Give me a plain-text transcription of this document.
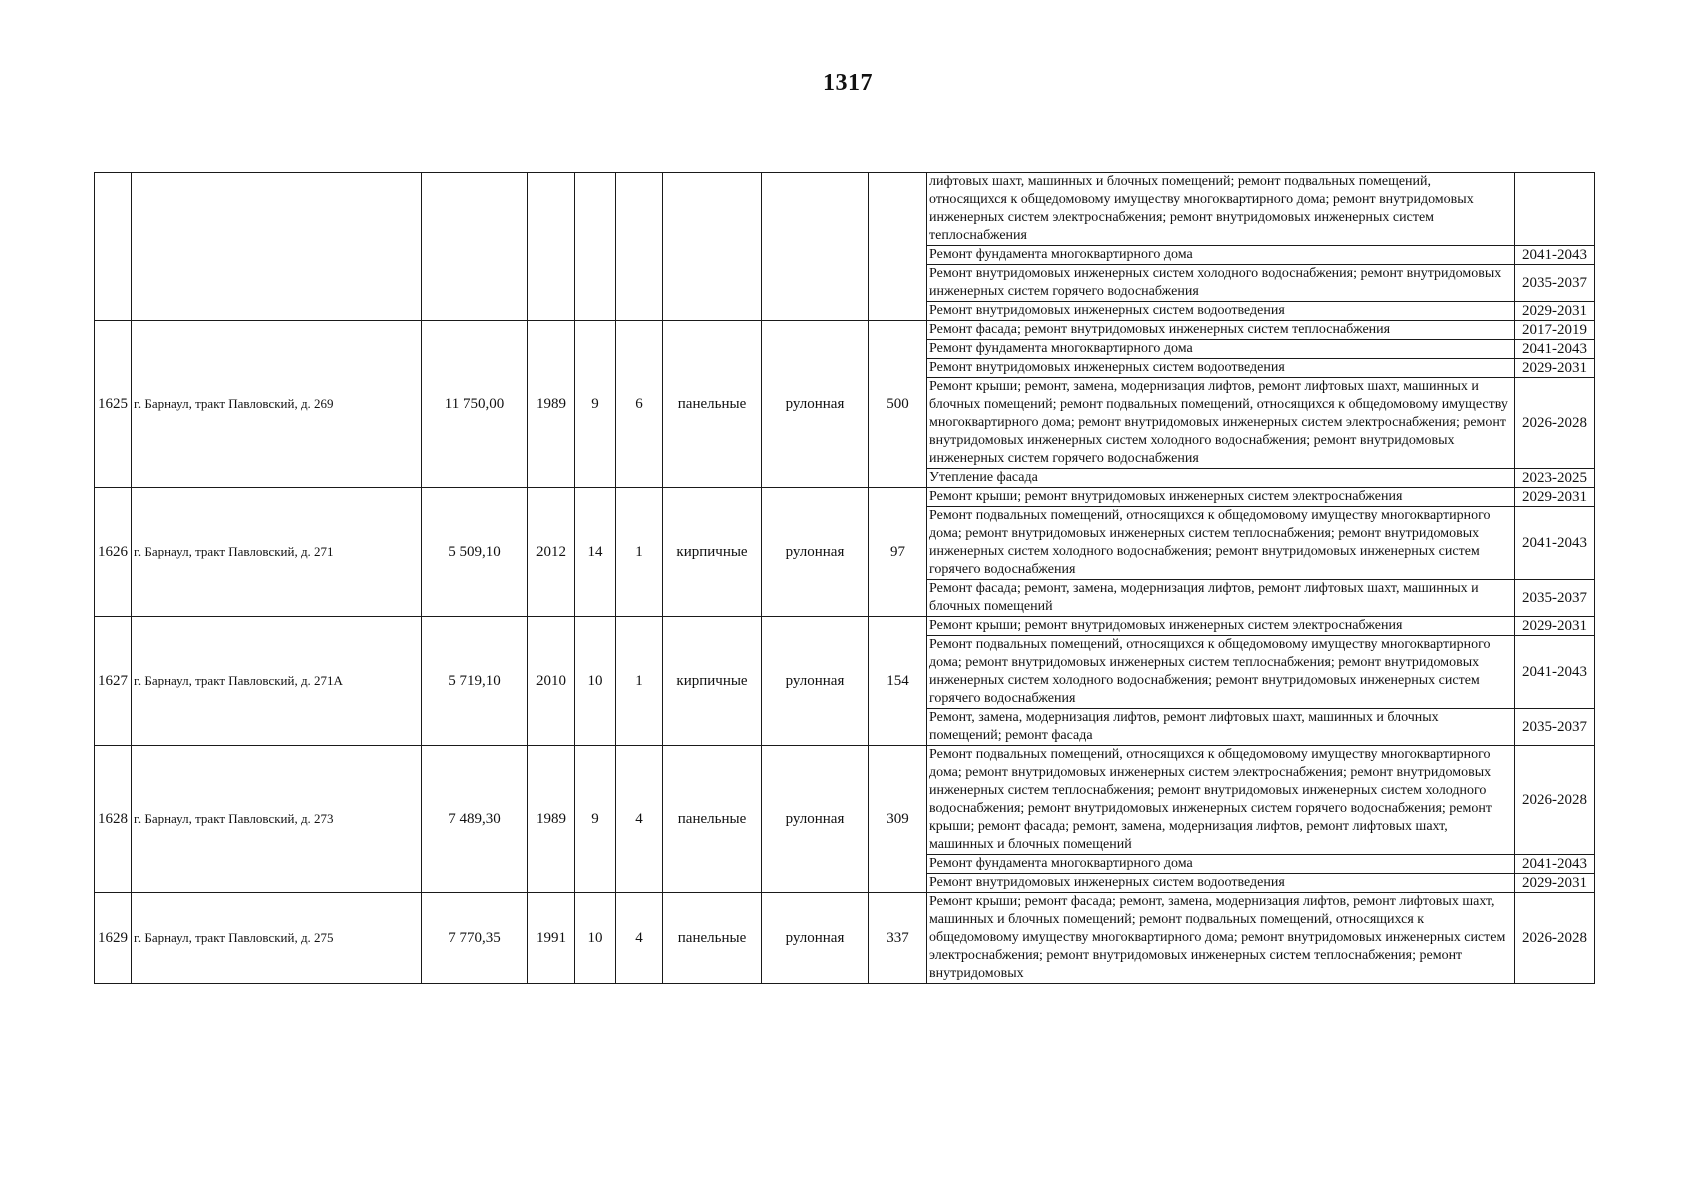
1317
									лифтовых шахт, машинных и блочных помещений; ремонт подвальных помещений, относящихся к общедомовому имуществу многоквартирного дома; ремонт внутридомовых инженерных систем электроснабжения; ремонт внутридомовых инженерных систем теплоснабжения	
									Ремонт фундамента многоквартирного дома	2041-2043
									Ремонт внутридомовых инженерных систем холодного водоснабжения; ремонт внутридомовых инженерных систем горячего водоснабжения	2035-2037
									Ремонт внутридомовых инженерных систем водоотведения	2029-2031
1625	г. Барнаул, тракт Павловский, д. 269	11 750,00	1989	9	6	панельные	рулонная	500	Ремонт фасада; ремонт внутридомовых инженерных систем теплоснабжения	2017-2019
									Ремонт фундамента многоквартирного дома	2041-2043
									Ремонт внутридомовых инженерных систем водоотведения	2029-2031
									Ремонт крыши; ремонт, замена, модернизация лифтов, ремонт лифтовых шахт, машинных и блочных помещений; ремонт подвальных помещений, относящихся к общедомовому имуществу многоквартирного дома; ремонт внутридомовых инженерных систем электроснабжения; ремонт внутридомовых инженерных систем холодного водоснабжения; ремонт внутридомовых инженерных систем горячего водоснабжения	2026-2028
									Утепление фасада	2023-2025
1626	г. Барнаул, тракт Павловский, д. 271	5 509,10	2012	14	1	кирпичные	рулонная	97	Ремонт крыши; ремонт внутридомовых инженерных систем электроснабжения	2029-2031
									Ремонт подвальных помещений, относящихся к общедомовому имуществу многоквартирного дома; ремонт внутридомовых инженерных систем теплоснабжения; ремонт внутридомовых инженерных систем холодного водоснабжения; ремонт внутридомовых инженерных систем горячего водоснабжения	2041-2043
									Ремонт фасада; ремонт, замена, модернизация лифтов, ремонт лифтовых шахт, машинных и блочных помещений	2035-2037
1627	г. Барнаул, тракт Павловский, д. 271А	5 719,10	2010	10	1	кирпичные	рулонная	154	Ремонт крыши; ремонт внутридомовых инженерных систем электроснабжения	2029-2031
									Ремонт подвальных помещений, относящихся к общедомовому имуществу многоквартирного дома; ремонт внутридомовых инженерных систем теплоснабжения; ремонт внутридомовых инженерных систем холодного водоснабжения; ремонт внутридомовых инженерных систем горячего водоснабжения	2041-2043
									Ремонт, замена, модернизация лифтов, ремонт лифтовых шахт, машинных и блочных помещений; ремонт фасада	2035-2037
1628	г. Барнаул, тракт Павловский, д. 273	7 489,30	1989	9	4	панельные	рулонная	309	Ремонт подвальных помещений, относящихся к общедомовому имуществу многоквартирного дома; ремонт внутридомовых инженерных систем электроснабжения; ремонт внутридомовых инженерных систем теплоснабжения; ремонт внутридомовых инженерных систем холодного водоснабжения; ремонт внутридомовых инженерных систем горячего водоснабжения; ремонт крыши; ремонт фасада; ремонт, замена, модернизация лифтов, ремонт лифтовых шахт, машинных и блочных помещений	2026-2028
									Ремонт фундамента многоквартирного дома	2041-2043
									Ремонт внутридомовых инженерных систем водоотведения	2029-2031
1629	г. Барнаул, тракт Павловский, д. 275	7 770,35	1991	10	4	панельные	рулонная	337	Ремонт крыши; ремонт фасада; ремонт, замена, модернизация лифтов, ремонт лифтовых шахт, машинных и блочных помещений; ремонт подвальных помещений, относящихся к общедомовому имуществу многоквартирного дома; ремонт внутридомовых инженерных систем электроснабжения; ремонт внутридомовых инженерных систем теплоснабжения; ремонт внутридомовых	2026-2028
